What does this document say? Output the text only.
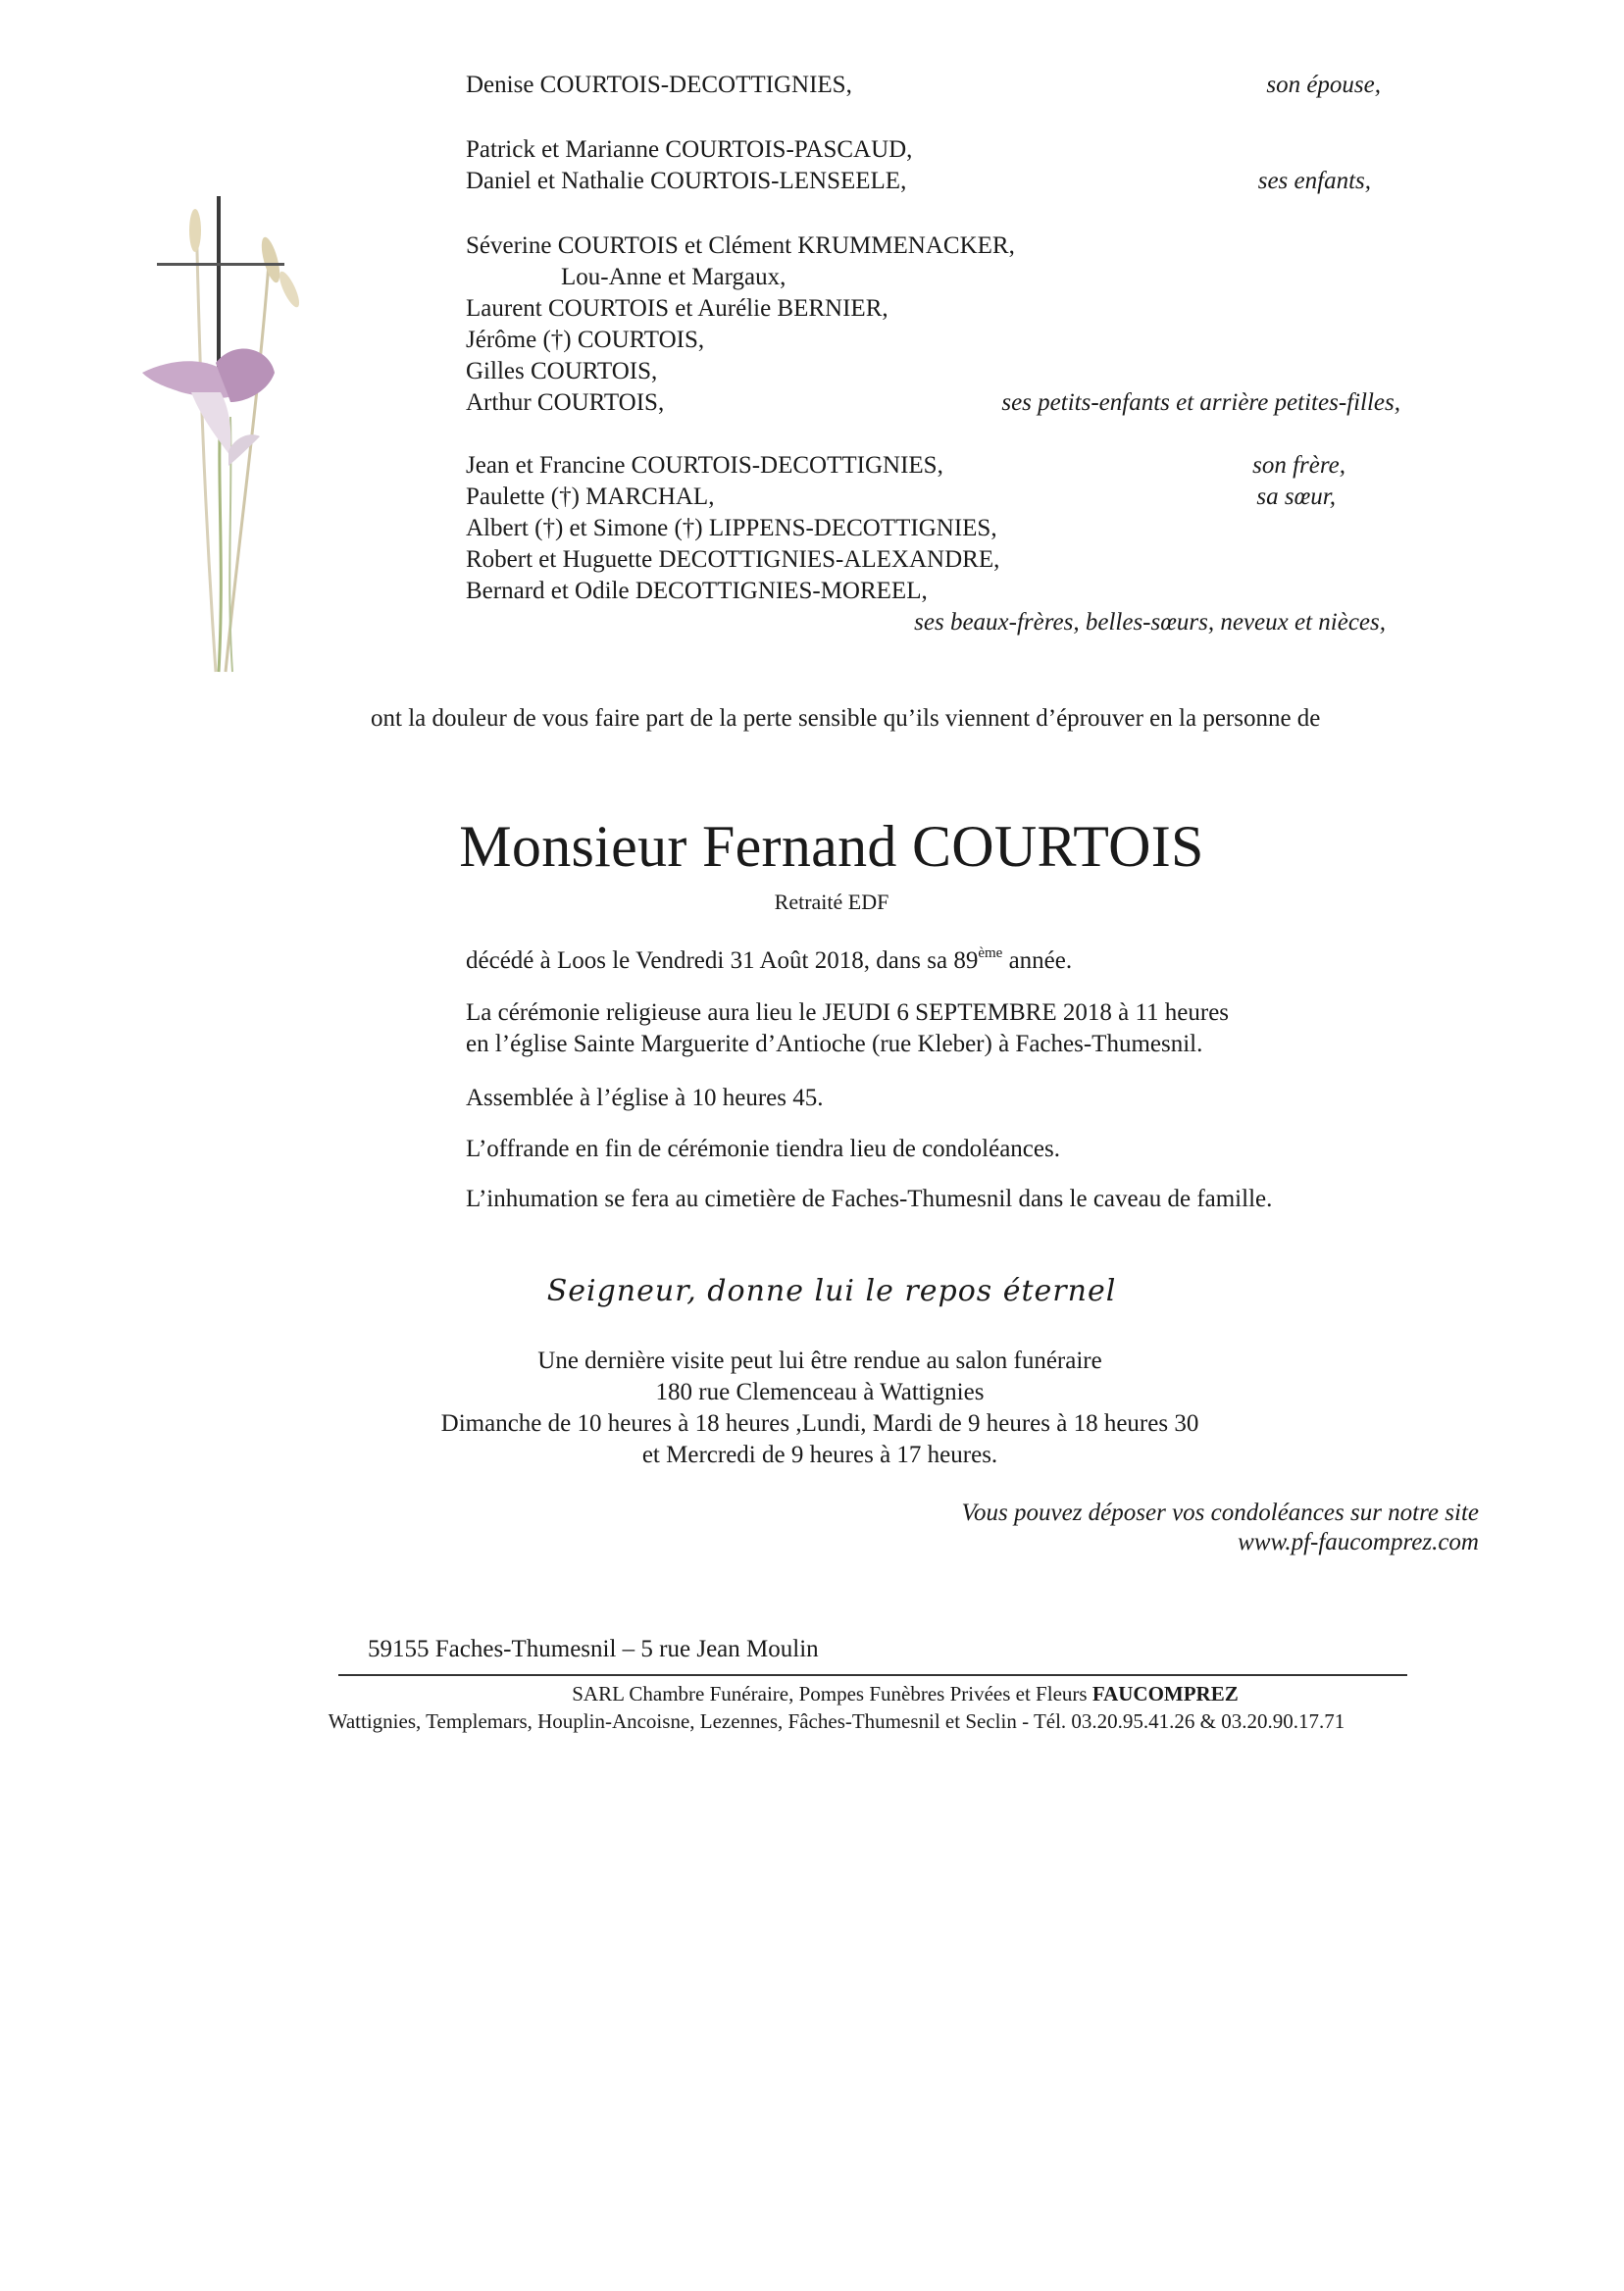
Denise COURTOIS-DECOTTIGNIES,	son épouse,
Patrick et Marianne COURTOIS-PASCAUD,
Daniel et Nathalie COURTOIS-LENSEELE,	ses enfants,
Séverine COURTOIS et Clément KRUMMENACKER,
Lou-Anne et Margaux,
Laurent COURTOIS et Aurélie BERNIER,
Jérôme (†) COURTOIS,
Gilles COURTOIS,
Arthur COURTOIS,	ses petits-enfants et arrière petites-filles,
Jean et Francine COURTOIS-DECOTTIGNIES,	son frère,
Paulette (†) MARCHAL,	sa sœur,
Albert (†) et Simone (†) LIPPENS-DECOTTIGNIES,
Robert et Huguette DECOTTIGNIES-ALEXANDRE,
Bernard et Odile DECOTTIGNIES-MOREEL,
ses beaux-frères, belles-sœurs, neveux et nièces,
ont la douleur de vous faire part de la perte sensible qu’ils viennent d’éprouver en la personne de
Monsieur Fernand COURTOIS
Retraité EDF
décédé à Loos le Vendredi 31 Août 2018, dans sa 89ème année.
La cérémonie religieuse aura lieu le JEUDI 6 SEPTEMBRE 2018 à 11 heures
en l’église Sainte Marguerite d’Antioche (rue Kleber) à Faches-Thumesnil.
Assemblée à l’église à 10 heures 45.
L’offrande en fin de cérémonie tiendra lieu de condoléances.
L’inhumation se fera au cimetière de Faches-Thumesnil dans le caveau de famille.
Seigneur, donne lui le repos éternel
Une dernière visite peut lui être rendue au salon funéraire
180 rue Clemenceau à Wattignies
Dimanche de 10 heures à 18 heures ,Lundi, Mardi de 9 heures à 18 heures 30
et Mercredi de 9 heures à 17 heures.
Vous pouvez déposer vos condoléances sur notre site
www.pf-faucomprez.com
59155 Faches-Thumesnil – 5 rue Jean Moulin
SARL Chambre Funéraire, Pompes Funèbres Privées et Fleurs FAUCOMPREZ
Wattignies, Templemars, Houplin-Ancoisne, Lezennes, Fâches-Thumesnil et Seclin - Tél. 03.20.95.41.26 & 03.20.90.17.71
